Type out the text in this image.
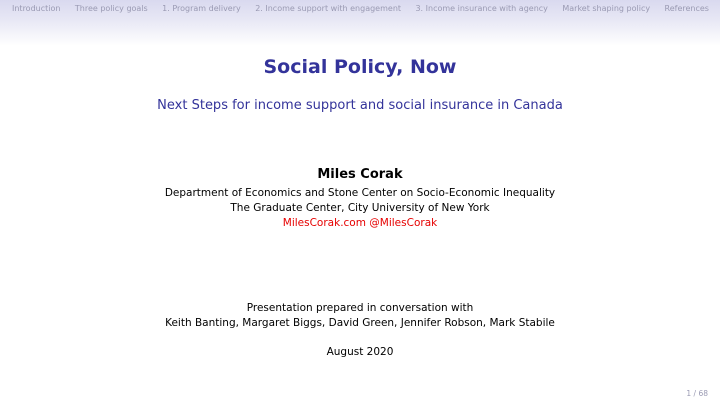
Introduction Three policy goals 1. Program delivery 2. Income support with engagement 3. Income insurance with agency Market shaping policy References
Social Policy, Now
Next Steps for income support and social insurance in Canada
Miles Corak
Department of Economics and Stone Center on Socio-Economic Inequality
The Graduate Center, City University of New York
MilesCorak.com @MilesCorak
Presentation prepared in conversation with
Keith Banting, Margaret Biggs, David Green, Jennifer Robson, Mark Stabile
August 2020
1 / 68
